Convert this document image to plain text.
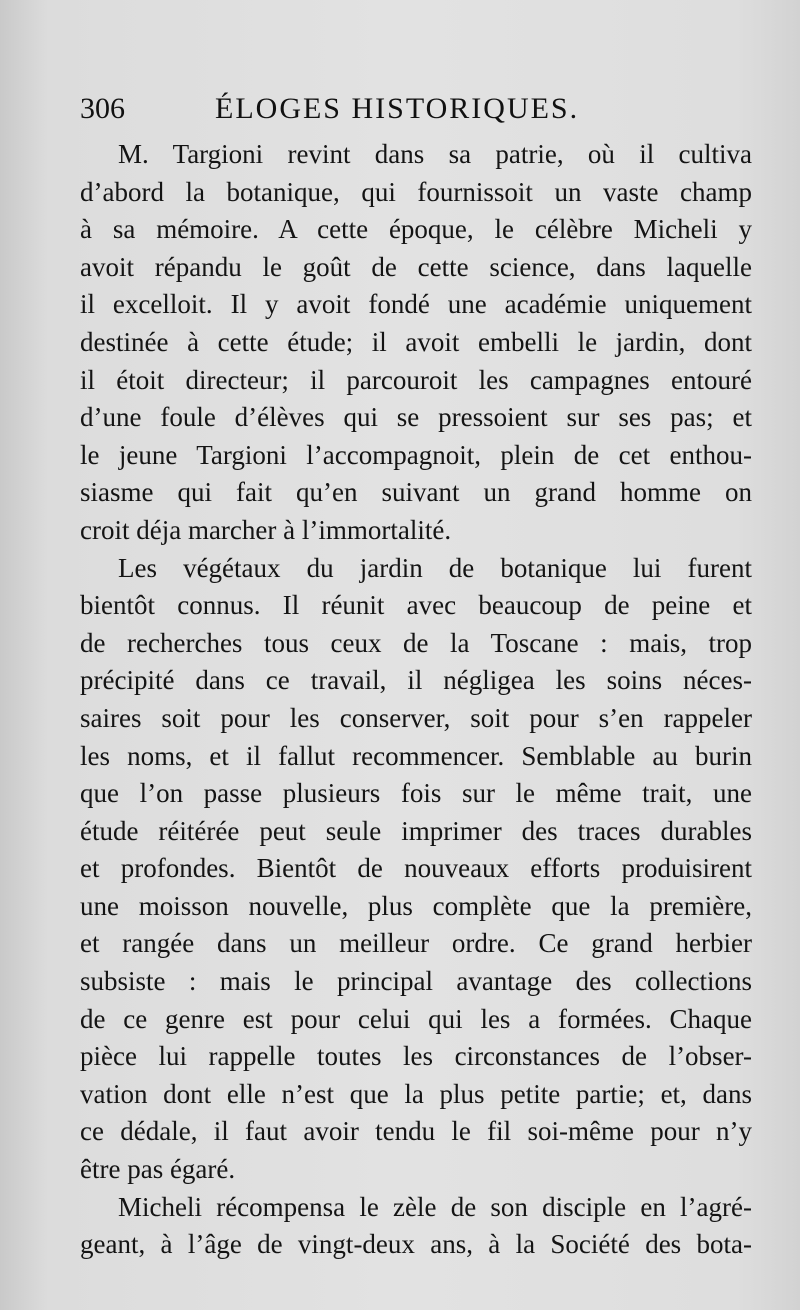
306	ÉLOGES HISTORIQUES.
M. Targioni revint dans sa patrie, où il cultiva
d’abord la botanique, qui fournissoit un vaste champ
à sa mémoire. A cette époque, le célèbre Micheli y
avoit répandu le goût de cette science, dans laquelle
il excelloit. Il y avoit fondé une académie uniquement
destinée à cette étude; il avoit embelli le jardin, dont
il étoit directeur; il parcouroit les campagnes entouré
d’une foule d’élèves qui se pressoient sur ses pas; et
le jeune Targioni l’accompagnoit, plein de cet enthou-
siasme qui fait qu’en suivant un grand homme on
croit déja marcher à l’immortalité.
Les végétaux du jardin de botanique lui furent
bientôt connus. Il réunit avec beaucoup de peine et
de recherches tous ceux de la Toscane : mais, trop
précipité dans ce travail, il négligea les soins néces-
saires soit pour les conserver, soit pour s’en rappeler
les noms, et il fallut recommencer. Semblable au burin
que l’on passe plusieurs fois sur le même trait, une
étude réitérée peut seule imprimer des traces durables
et profondes. Bientôt de nouveaux efforts produisirent
une moisson nouvelle, plus complète que la première,
et rangée dans un meilleur ordre. Ce grand herbier
subsiste : mais le principal avantage des collections
de ce genre est pour celui qui les a formées. Chaque
pièce lui rappelle toutes les circonstances de l’obser-
vation dont elle n’est que la plus petite partie; et, dans
ce dédale, il faut avoir tendu le fil soi-même pour n’y
être pas égaré.
Micheli récompensa le zèle de son disciple en l’agré-
geant, à l’âge de vingt-deux ans, à la Société des bota-
